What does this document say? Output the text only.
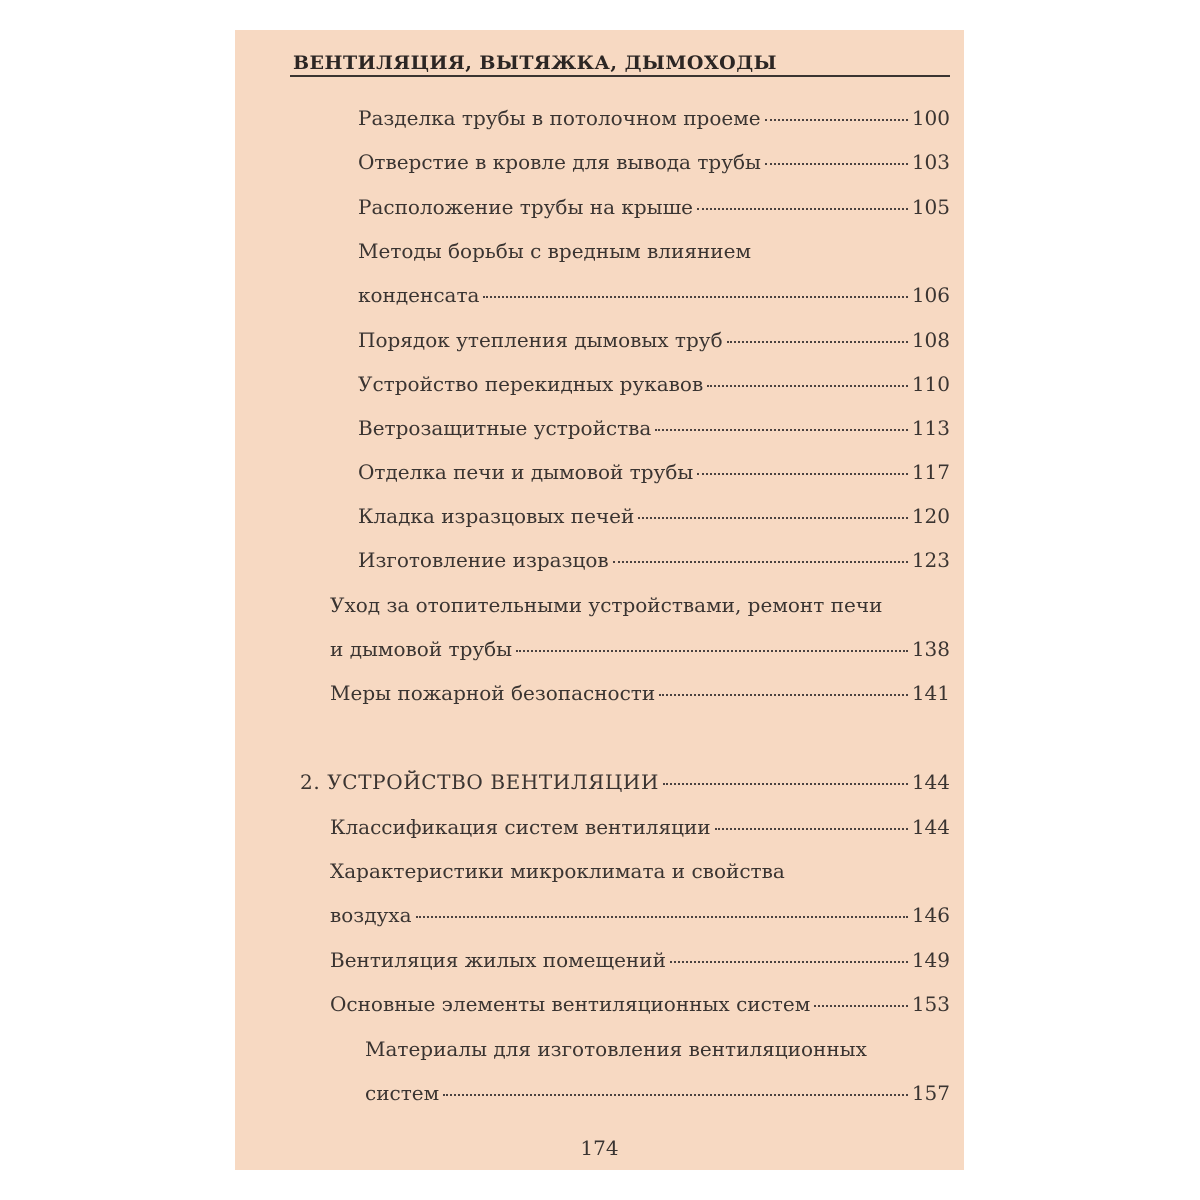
ВЕНТИЛЯЦИЯ, ВЫТЯЖКА, ДЫМОХОДЫ
Разделка трубы в потолочном проеме	100
Отверстие в кровле для вывода трубы	103
Расположение трубы на крыше	105
Методы борьбы с вредным влиянием
конденсата	106
Порядок утепления дымовых труб	108
Устройство перекидных рукавов	110
Ветрозащитные устройства	113
Отделка печи и дымовой трубы	117
Кладка изразцовых печей	120
Изготовление изразцов	123
Уход за отопительными устройствами, ремонт печи
и дымовой трубы	138
Меры пожарной безопасности	141
2. УСТРОЙСТВО ВЕНТИЛЯЦИИ	144
Классификация систем вентиляции	144
Характеристики микроклимата и свойства
воздуха	146
Вентиляция жилых помещений	149
Основные элементы вентиляционных систем	153
Материалы для изготовления вентиляционных
систем	157
174
